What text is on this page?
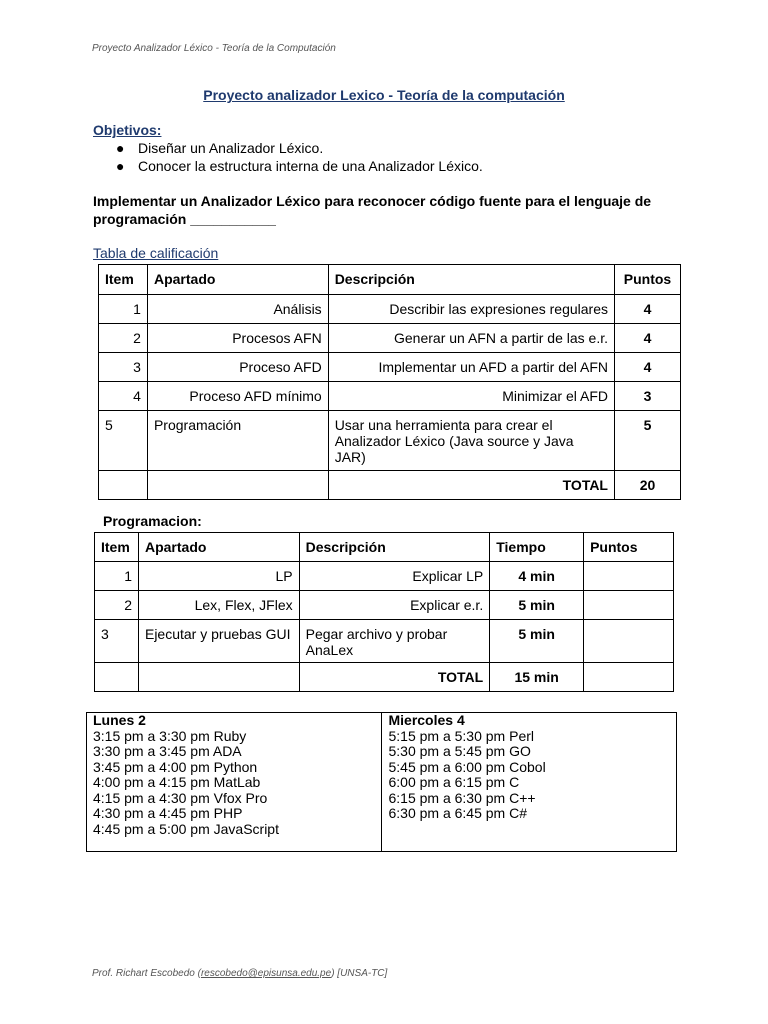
Proyecto Analizador Léxico - Teoría de la Computación
Proyecto analizador Lexico - Teoría de la computación
Objetivos:
● Diseñar un Analizador Léxico.
● Conocer la estructura interna de una Analizador Léxico.
Implementar un Analizador Léxico para reconocer código fuente para el lenguaje de programación ___________
Tabla de calificación
Item	Apartado	Descripción	Puntos
1	Análisis	Describir las expresiones regulares	4
2	Procesos AFN	Generar un AFN a partir de las e.r.	4
3	Proceso AFD	Implementar un AFD a partir del AFN	4
4	Proceso AFD mínimo	Minimizar el AFD	3
5	Programación	Usar una herramienta para crear el Analizador Léxico (Java source y Java JAR)	5
		TOTAL	20
Programacion:
Item	Apartado	Descripción	Tiempo	Puntos
1	LP	Explicar LP	4 min	
2	Lex, Flex, JFlex	Explicar e.r.	5 min	
3	Ejecutar y pruebas GUI	Pegar archivo y probar AnaLex	5 min	
		TOTAL	15 min	
Lunes 2
3:15 pm a 3:30 pm Ruby
3:30 pm a 3:45 pm ADA
3:45 pm a 4:00 pm Python
4:00 pm a 4:15 pm MatLab
4:15 pm a 4:30 pm Vfox Pro
4:30 pm a 4:45 pm PHP
4:45 pm a 5:00 pm JavaScript

Miercoles 4
5:15 pm a 5:30 pm Perl
5:30 pm a 5:45 pm GO
5:45 pm a 6:00 pm Cobol
6:00 pm a 6:15 pm C
6:15 pm a 6:30 pm C++
6:30 pm a 6:45 pm C#
Prof. Richart Escobedo (rescobedo@episunsa.edu.pe) [UNSA-TC]
